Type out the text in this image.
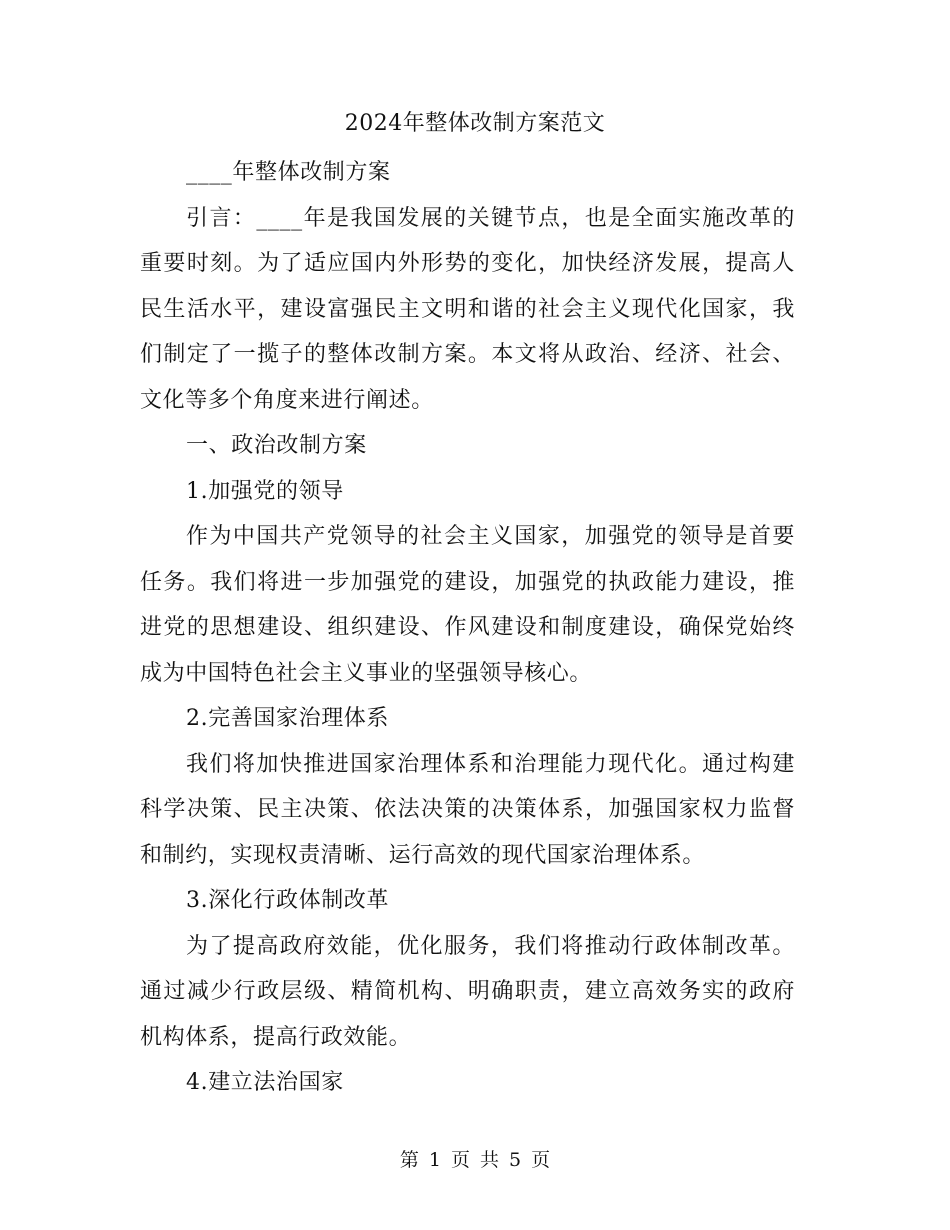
2024年整体改制方案范文

____年整体改制方案

引言：____年是我国发展的关键节点，也是全面实施改革的重要时刻。为了适应国内外形势的变化，加快经济发展，提高人民生活水平，建设富强民主文明和谐的社会主义现代化国家，我们制定了一揽子的整体改制方案。本文将从政治、经济、社会、文化等多个角度来进行阐述。

一、政治改制方案

1.加强党的领导

作为中国共产党领导的社会主义国家，加强党的领导是首要任务。我们将进一步加强党的建设，加强党的执政能力建设，推进党的思想建设、组织建设、作风建设和制度建设，确保党始终成为中国特色社会主义事业的坚强领导核心。

2.完善国家治理体系

我们将加快推进国家治理体系和治理能力现代化。通过构建科学决策、民主决策、依法决策的决策体系，加强国家权力监督和制约，实现权责清晰、运行高效的现代国家治理体系。

3.深化行政体制改革

为了提高政府效能，优化服务，我们将推动行政体制改革。通过减少行政层级、精简机构、明确职责，建立高效务实的政府机构体系，提高行政效能。

4.建立法治国家

第 1 页 共 5 页
